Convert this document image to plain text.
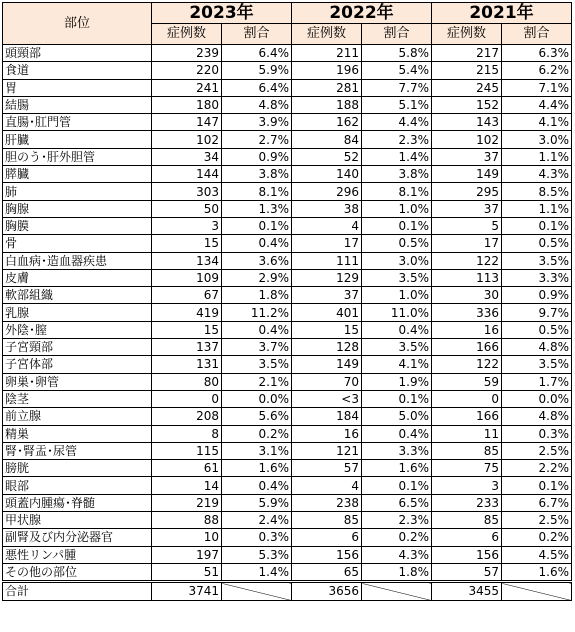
部位	2023年		2022年		2021年	
	症例数	割合	症例数	割合	症例数	割合
頭頸部	239	6.4%	211	5.8%	217	6.3%
食道	220	5.9%	196	5.4%	215	6.2%
胃	241	6.4%	281	7.7%	245	7.1%
結腸	180	4.8%	188	5.1%	152	4.4%
直腸･肛門管	147	3.9%	162	4.4%	143	4.1%
肝臓	102	2.7%	84	2.3%	102	3.0%
胆のう･肝外胆管	34	0.9%	52	1.4%	37	1.1%
膵臓	144	3.8%	140	3.8%	149	4.3%
肺	303	8.1%	296	8.1%	295	8.5%
胸腺	50	1.3%	38	1.0%	37	1.1%
胸膜	3	0.1%	4	0.1%	5	0.1%
骨	15	0.4%	17	0.5%	17	0.5%
白血病･造血器疾患	134	3.6%	111	3.0%	122	3.5%
皮膚	109	2.9%	129	3.5%	113	3.3%
軟部組織	67	1.8%	37	1.0%	30	0.9%
乳腺	419	11.2%	401	11.0%	336	9.7%
外陰･膣	15	0.4%	15	0.4%	16	0.5%
子宮頸部	137	3.7%	128	3.5%	166	4.8%
子宮体部	131	3.5%	149	4.1%	122	3.5%
卵巣･卵管	80	2.1%	70	1.9%	59	1.7%
陰茎	0	0.0%	<3	0.1%	0	0.0%
前立腺	208	5.6%	184	5.0%	166	4.8%
精巣	8	0.2%	16	0.4%	11	0.3%
腎･腎盂･尿管	115	3.1%	121	3.3%	85	2.5%
膀胱	61	1.6%	57	1.6%	75	2.2%
眼部	14	0.4%	4	0.1%	3	0.1%
頭蓋内腫瘍･脊髄	219	5.9%	238	6.5%	233	6.7%
甲状腺	88	2.4%	85	2.3%	85	2.5%
副腎及び内分泌器官	10	0.3%	6	0.2%	6	0.2%
悪性リンパ腫	197	5.3%	156	4.3%	156	4.5%
その他の部位	51	1.4%	65	1.8%	57	1.6%
合計	3741		3656		3455	
